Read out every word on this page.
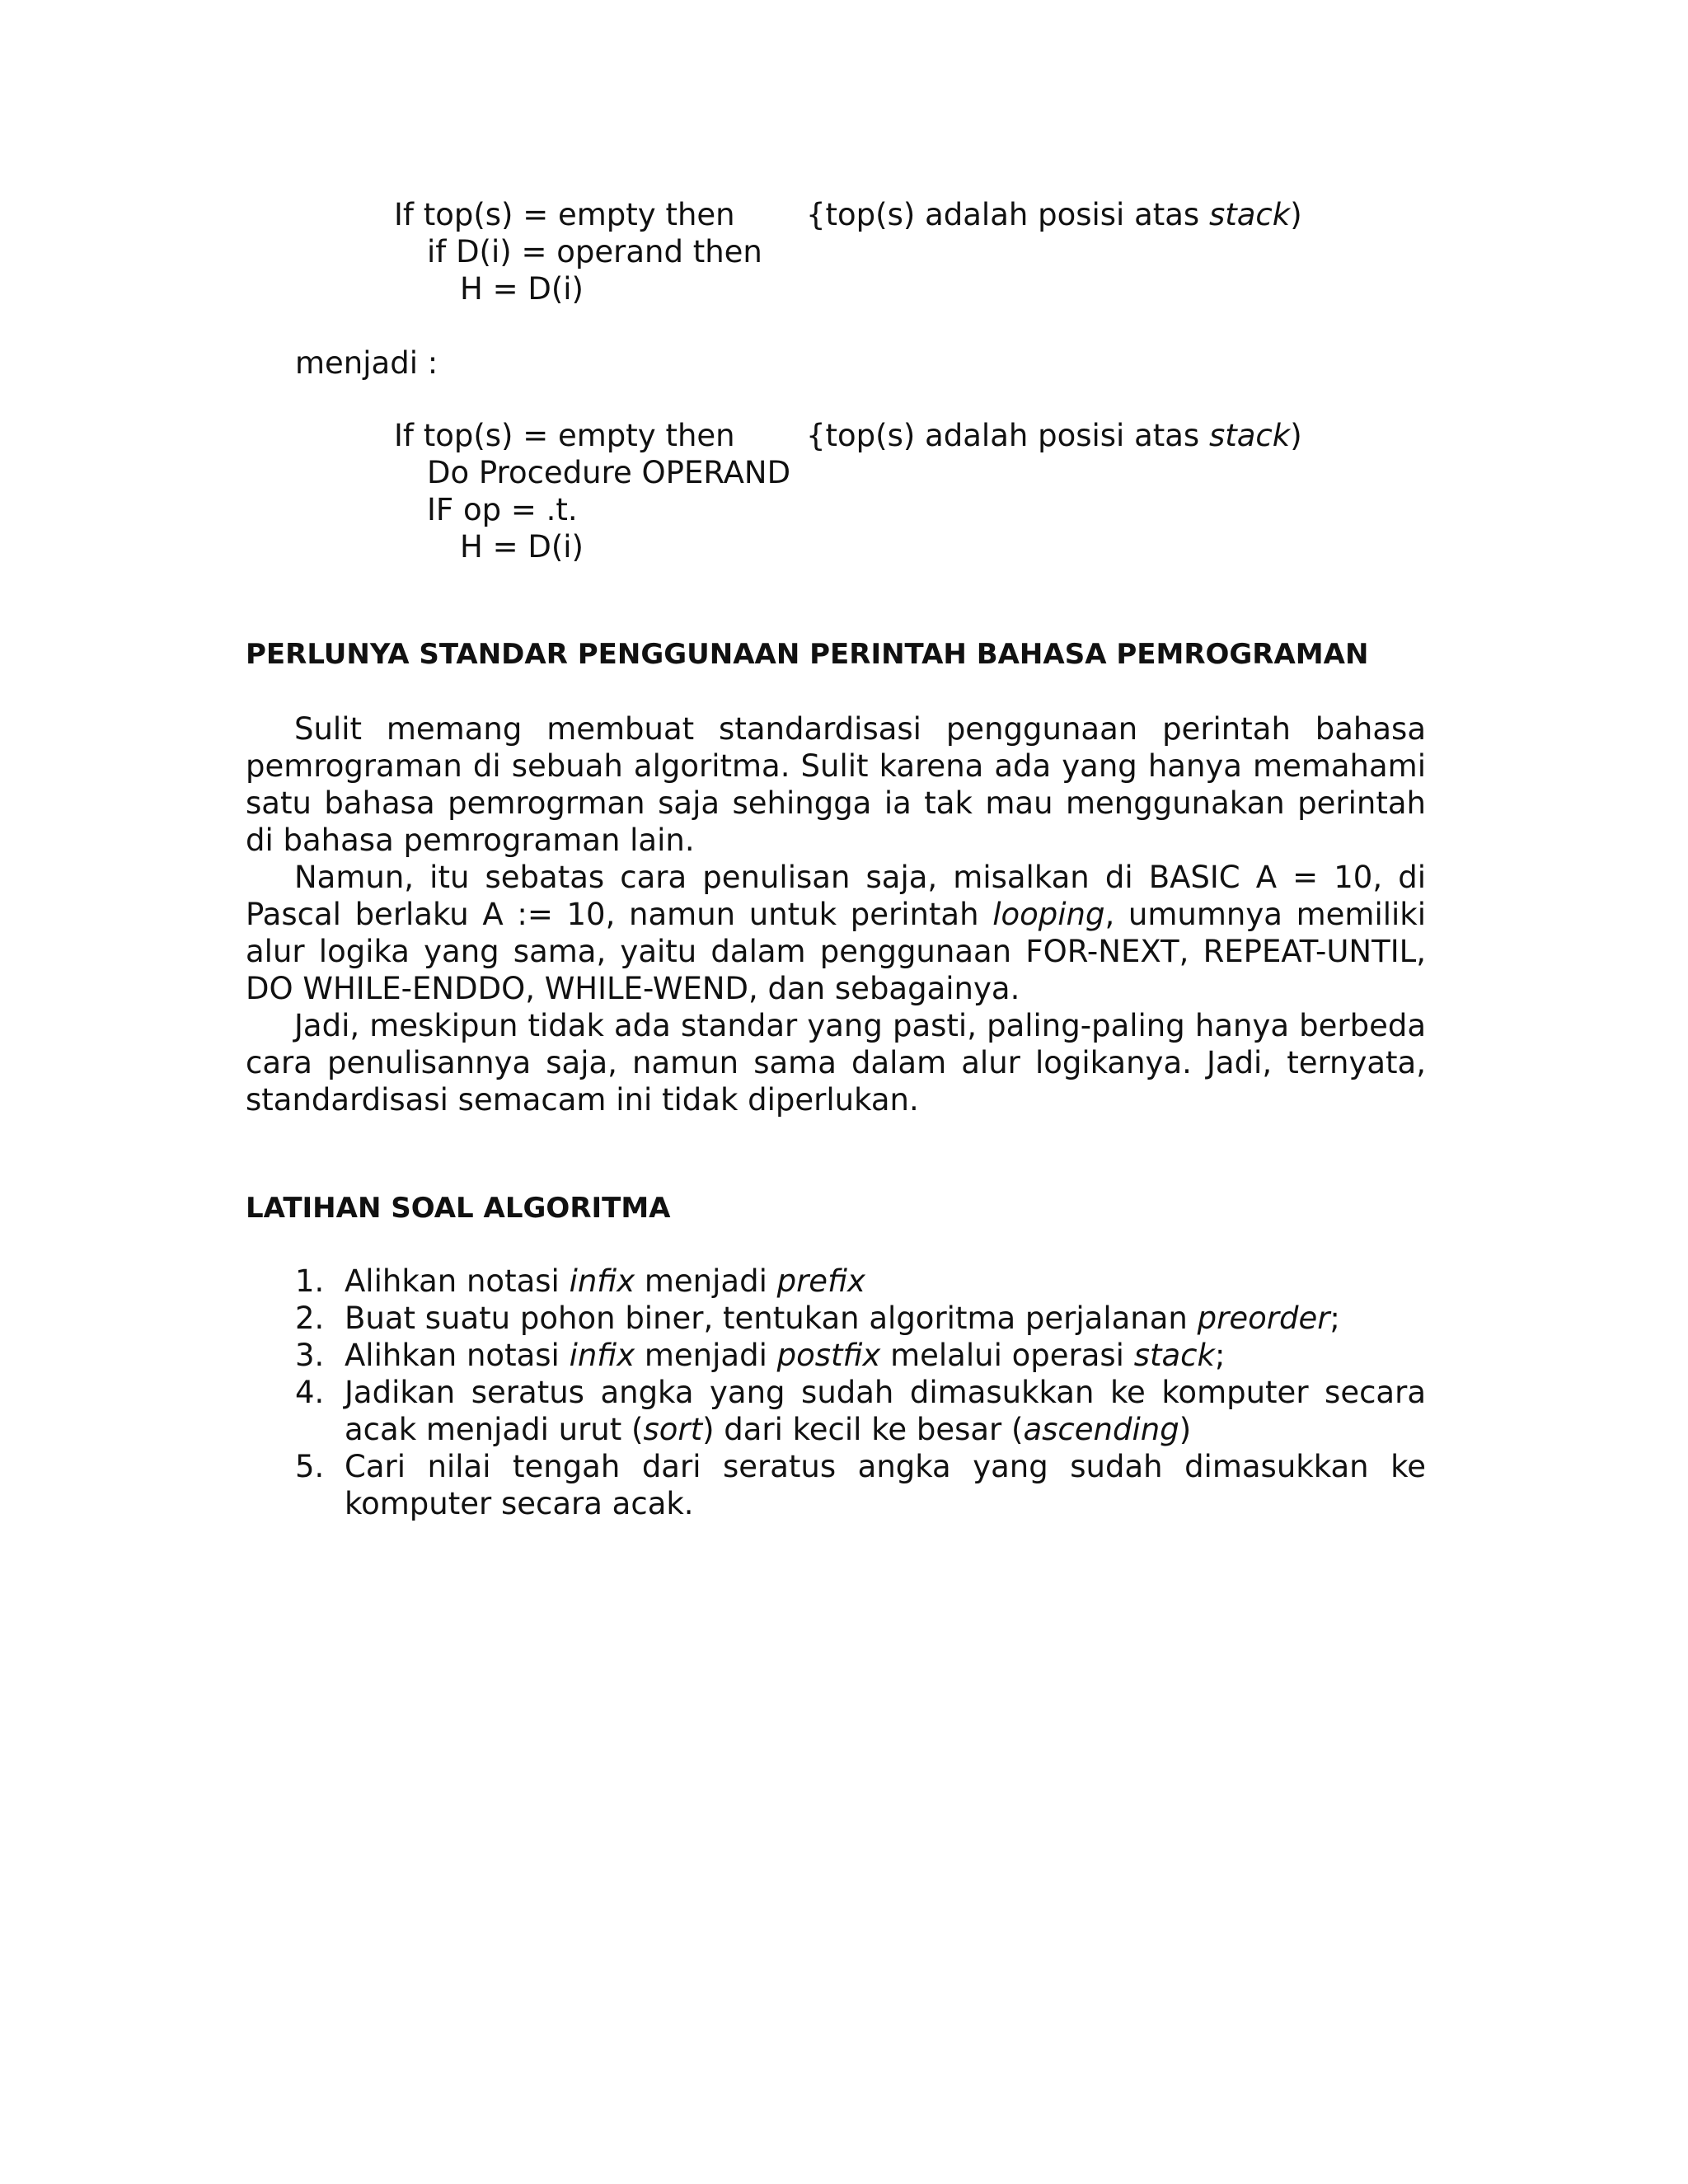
If top(s) = empty then {top(s) adalah posisi atas stack)
if D(i) = operand then
H = D(i)
menjadi :
If top(s) = empty then {top(s) adalah posisi atas stack)
Do Procedure OPERAND
IF op = .t.
H = D(i)
PERLUNYA STANDAR PENGGUNAAN PERINTAH BAHASA PEMROGRAMAN

Sulit memang membuat standardisasi penggunaan perintah bahasa pemrograman di sebuah algoritma. Sulit karena ada yang hanya memahami satu bahasa pemrogrman saja sehingga ia tak mau menggunakan perintah di bahasa pemrograman lain.

Namun, itu sebatas cara penulisan saja, misalkan di BASIC A = 10, di Pascal berlaku A := 10, namun untuk perintah looping, umumnya memiliki alur logika yang sama, yaitu dalam penggunaan FOR-NEXT, REPEAT-UNTIL, DO WHILE-ENDDO, WHILE-WEND, dan sebagainya.

Jadi, meskipun tidak ada standar yang pasti, paling-paling hanya berbeda cara penulisannya saja, namun sama dalam alur logikanya. Jadi, ternyata, standardisasi semacam ini tidak diperlukan.

LATIHAN SOAL ALGORITMA
1. Alihkan notasi infix menjadi prefix
2. Buat suatu pohon biner, tentukan algoritma perjalanan preorder;
3. Alihkan notasi infix menjadi postfix melalui operasi stack;
4. Jadikan seratus angka yang sudah dimasukkan ke komputer secara acak menjadi urut (sort) dari kecil ke besar (ascending)
5. Cari nilai tengah dari seratus angka yang sudah dimasukkan ke komputer secara acak.
